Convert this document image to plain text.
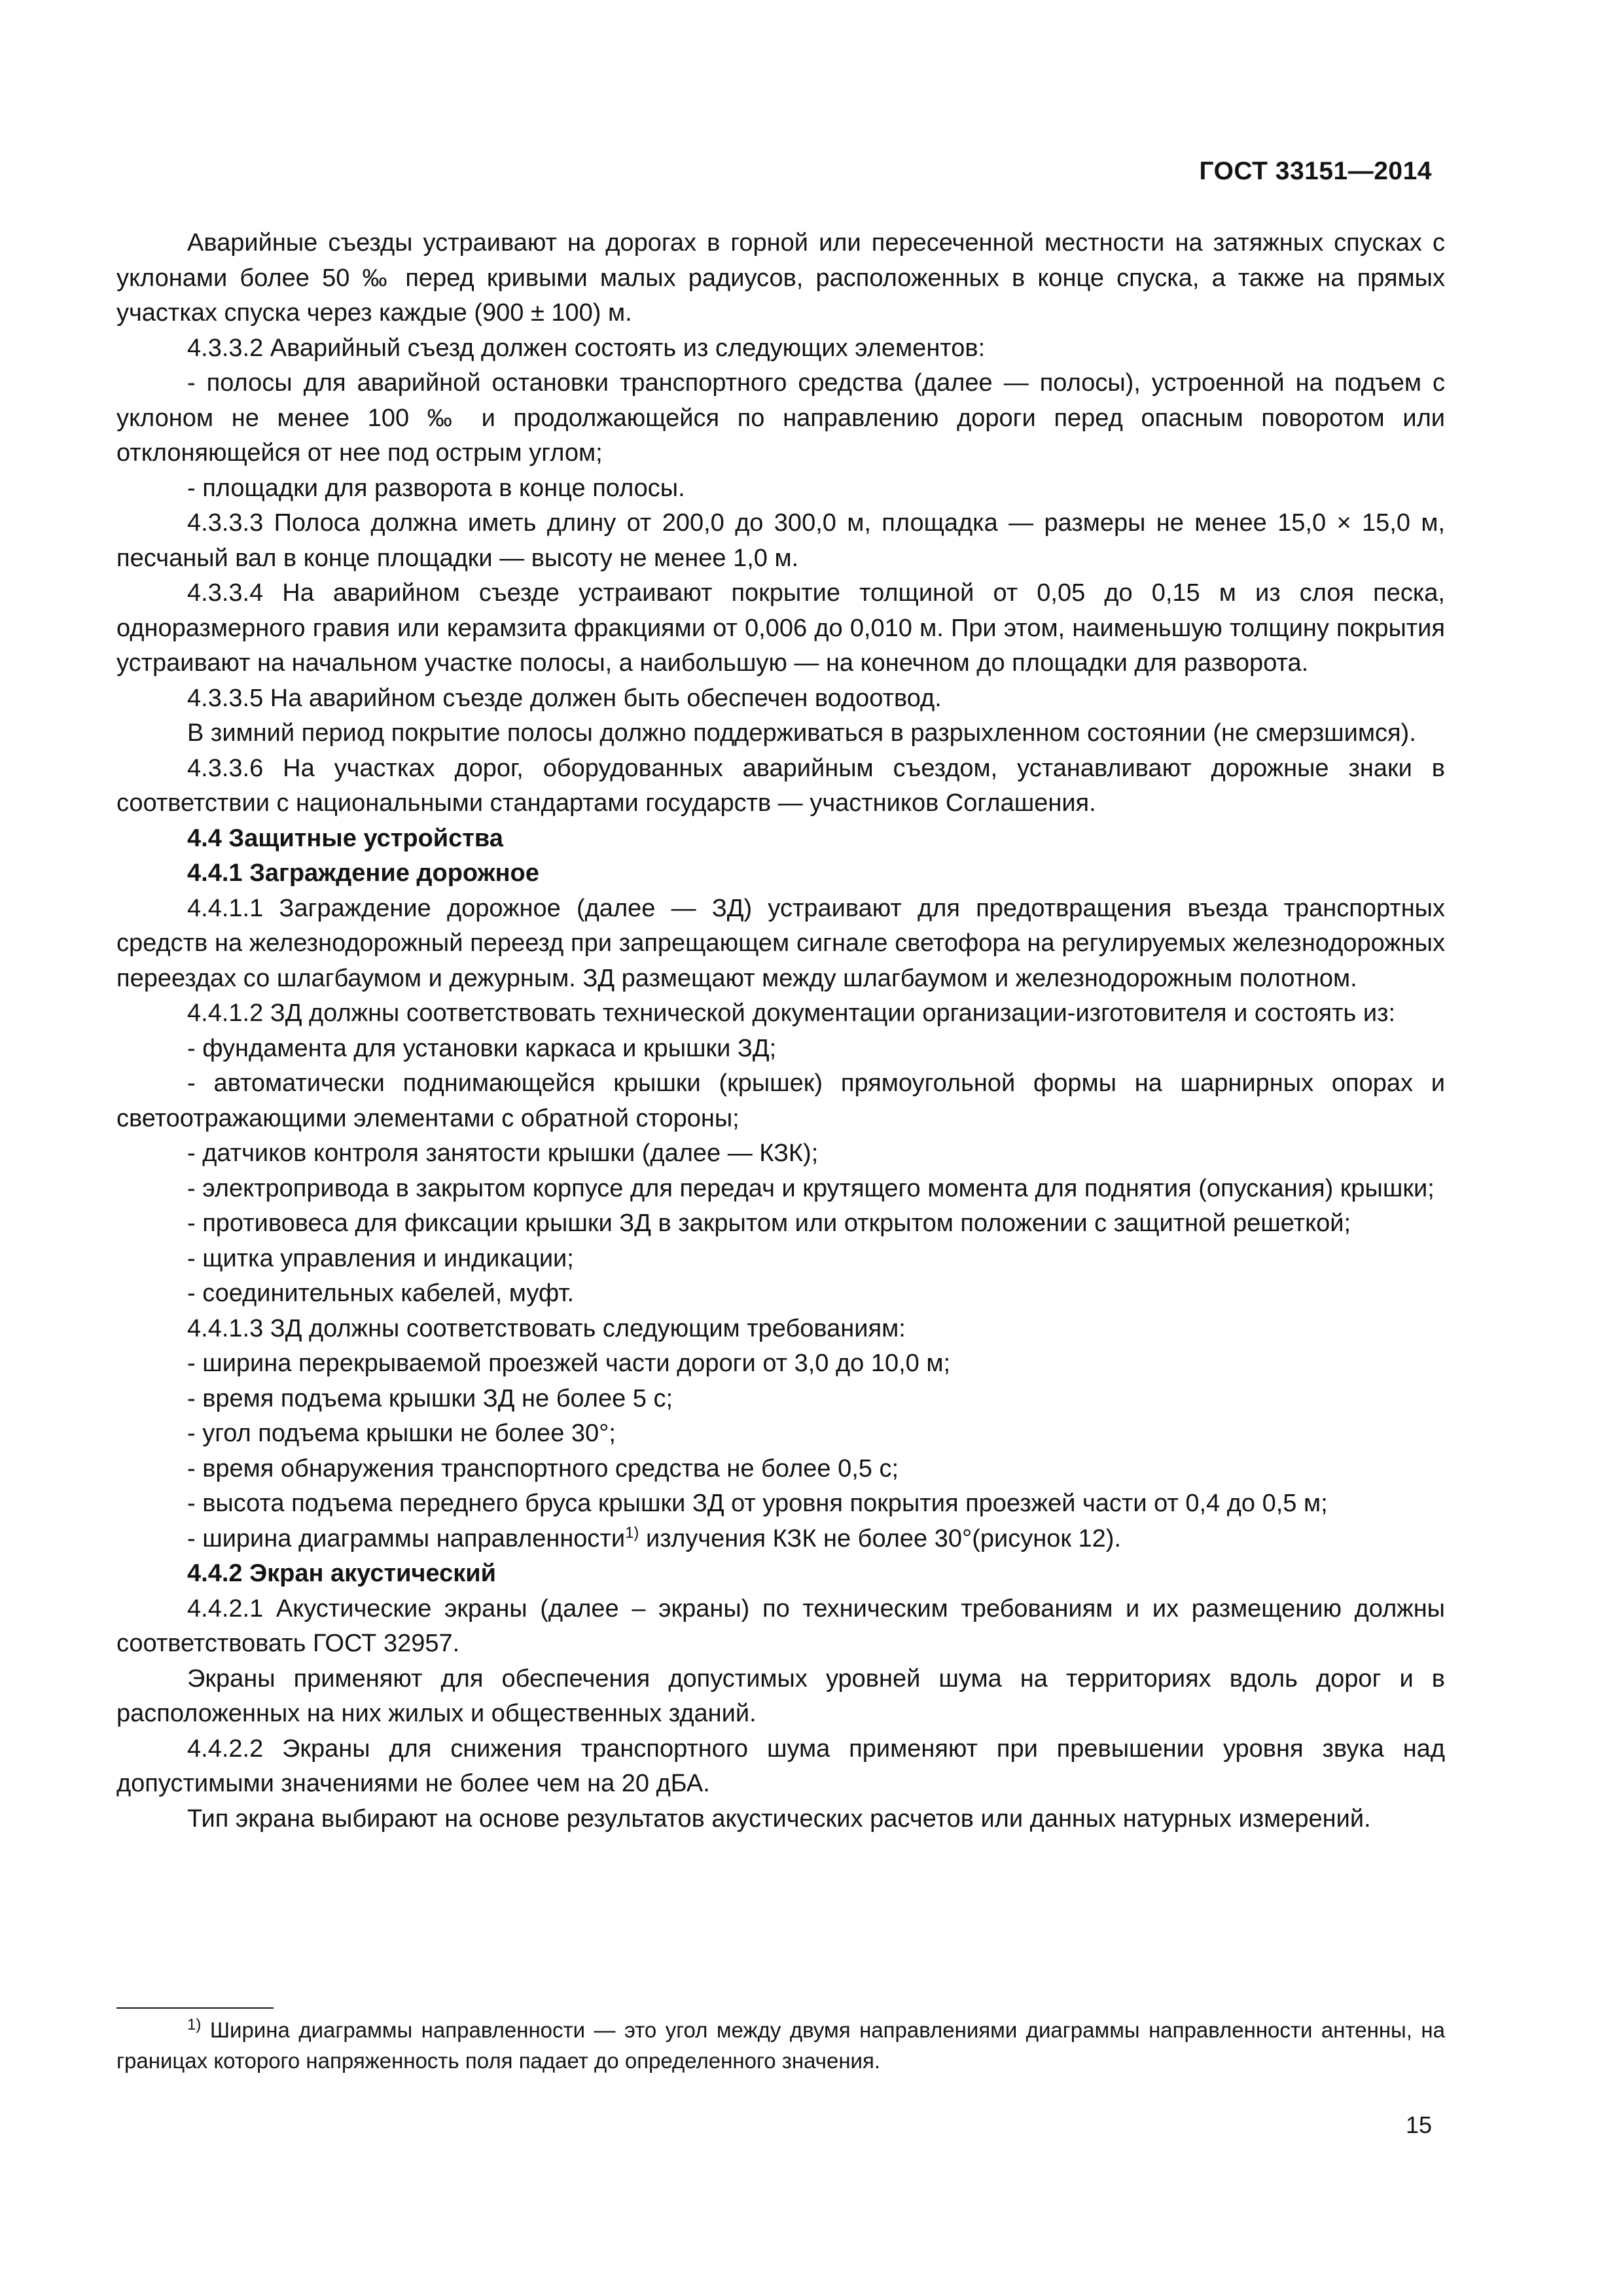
ГОСТ 33151—2014

Аварийные съезды устраивают на дорогах в горной или пересеченной местности на затяжных спусках с уклонами более 50 ‰ перед кривыми малых радиусов, расположенных в конце спуска, а также на прямых участках спуска через каждые (900 ± 100) м.

4.3.3.2 Аварийный съезд должен состоять из следующих элементов:

- полосы для аварийной остановки транспортного средства (далее — полосы), устроенной на подъем с уклоном не менее 100 ‰ и продолжающейся по направлению дороги перед опасным поворотом или отклоняющейся от нее под острым углом;

- площадки для разворота в конце полосы.

4.3.3.3 Полоса должна иметь длину от 200,0 до 300,0 м, площадка — размеры не менее 15,0 × 15,0 м, песчаный вал в конце площадки — высоту не менее 1,0 м.

4.3.3.4 На аварийном съезде устраивают покрытие толщиной от 0,05 до 0,15 м из слоя песка, одноразмерного гравия или керамзита фракциями от 0,006 до 0,010 м. При этом, наименьшую толщину покрытия устраивают на начальном участке полосы, а наибольшую — на конечном до площадки для разворота.

4.3.3.5 На аварийном съезде должен быть обеспечен водоотвод.

В зимний период покрытие полосы должно поддерживаться в разрыхленном состоянии (не смерзшимся).

4.3.3.6 На участках дорог, оборудованных аварийным съездом, устанавливают дорожные знаки в соответствии с национальными стандартами государств — участников Соглашения.

4.4 Защитные устройства

4.4.1 Заграждение дорожное

4.4.1.1 Заграждение дорожное (далее — ЗД) устраивают для предотвращения въезда транспортных средств на железнодорожный переезд при запрещающем сигнале светофора на регулируемых железнодорожных переездах со шлагбаумом и дежурным. ЗД размещают между шлагбаумом и железнодорожным полотном.

4.4.1.2 ЗД должны соответствовать технической документации организации-изготовителя и состоять из:

- фундамента для установки каркаса и крышки ЗД;

- автоматически поднимающейся крышки (крышек) прямоугольной формы на шарнирных опорах и светоотражающими элементами с обратной стороны;

- датчиков контроля занятости крышки (далее — КЗК);

- электропривода в закрытом корпусе для передач и крутящего момента для поднятия (опускания) крышки;

- противовеса для фиксации крышки ЗД в закрытом или открытом положении с защитной решеткой;

- щитка управления и индикации;

- соединительных кабелей, муфт.

4.4.1.3 ЗД должны соответствовать следующим требованиям:

- ширина перекрываемой проезжей части дороги от 3,0 до 10,0 м;

- время подъема крышки ЗД не более 5 с;

- угол подъема крышки не более 30°;

- время обнаружения транспортного средства не более 0,5 с;

- высота подъема переднего бруса крышки ЗД от уровня покрытия проезжей части от 0,4 до 0,5 м;

- ширина диаграммы направленности$^{1)}$ излучения КЗК не более 30°(рисунок 12).

4.4.2 Экран акустический

4.4.2.1 Акустические экраны (далее – экраны) по техническим требованиям и их размещению должны соответствовать ГОСТ 32957.

Экраны применяют для обеспечения допустимых уровней шума на территориях вдоль дорог и в расположенных на них жилых и общественных зданий.

4.4.2.2 Экраны для снижения транспортного шума применяют при превышении уровня звука над допустимыми значениями не более чем на 20 дБА.

Тип экрана выбирают на основе результатов акустических расчетов или данных натурных измерений.

$^{1)}$ Ширина диаграммы направленности — это угол между двумя направлениями диаграммы направленности антенны, на границах которого напряженность поля падает до определенного значения.

15
